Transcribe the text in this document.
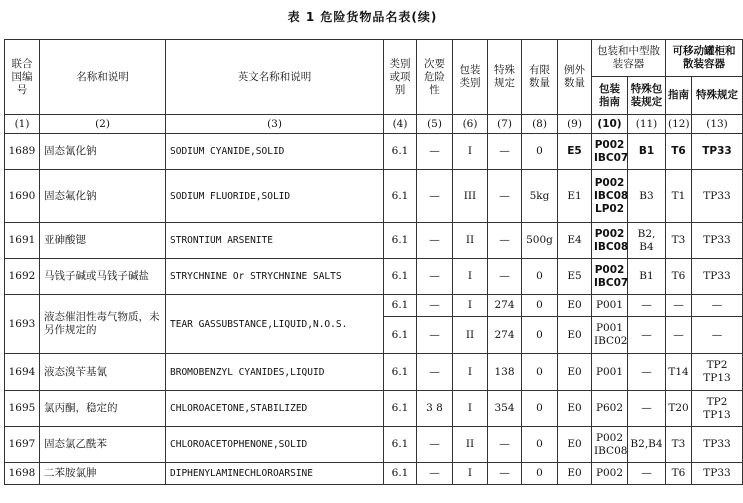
表 1 危险货物品名表(续)
联合国编号	名称和说明	英文名称和说明	类别或项别	次要危险性	包装类别	特殊规定	有限数量	例外数量	包装和中型散装容器		可移动罐柜和散装容器	
									包装指南	特殊包装规定	指南	特殊规定
(1)	(2)	(3)	(4)	(5)	(6)	(7)	(8)	(9)	(10)	(11)	(12)	(13)
1689	固态氰化钠	SODIUM CYANIDE,SOLID	6.1	—	I	—	0	E5	P002 IBC07	B1	T6	TP33
1690	固态氟化钠	SODIUM FLUORIDE,SOLID	6.1	—	III	—	5kg	E1	P002 IBC08 LP02	B3	T1	TP33
1691	亚砷酸锶	STRONTIUM ARSENITE	6.1	—	II	—	500g	E4	P002 IBC08	B2, B4	T3	TP33
1692	马钱子碱或马钱子碱盐	STRYCHNINE Or STRYCHNINE SALTS	6.1	—	I	—	0	E5	P002 IBC07	B1	T6	TP33
1693	液态催泪性毒气物质，未另作规定的	TEAR GASSUBSTANCE,LIQUID,N.O.S.	6.1	—	I	274	0	E0	P001	—	—	—
			6.1	—	II	274	0	E0	P001 IBC02	—	—	—
1694	液态溴苄基氰	BROMOBENZYL CYANIDES,LIQUID	6.1	—	I	138	0	E0	P001	—	T14	TP2 TP13
1695	氯丙酮，稳定的	CHLOROACETONE,STABILIZED	6.1	3 8	I	354	0	E0	P602	—	T20	TP2 TP13
1697	固态氯乙酰苯	CHLOROACETOPHENONE,SOLID	6.1	—	II	—	0	E0	P002 IBC08	B2,B4	T3	TP33
1698	二苯胺氯胂	DIPHENYLAMINECHLOROARSINE	6.1	—	I	—	0	E0	P002	—	T6	TP33
